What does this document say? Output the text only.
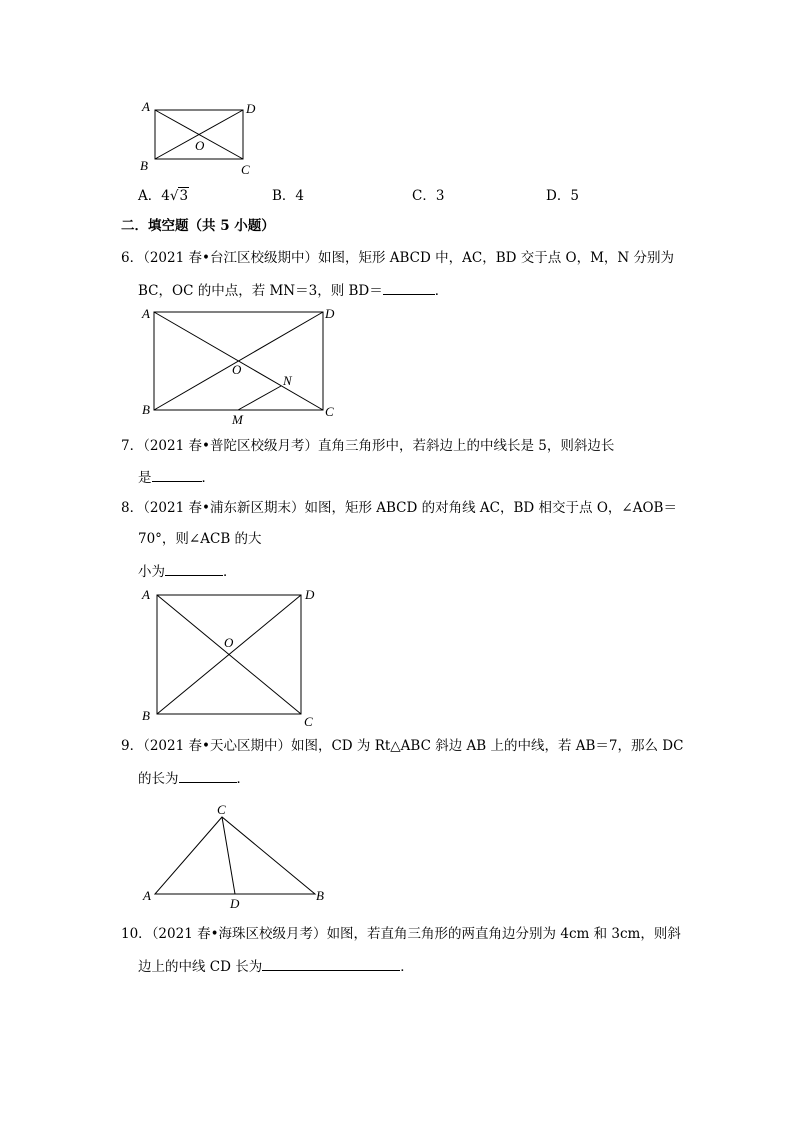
A	D
O
B	C
A．4√3	B．4	C．3	D．5
二．填空题（共 5 小题）
6．（2021 春•台江区校级期中）如图，矩形 ABCD 中，AC，BD 交于点 O，M，N 分别为
BC，OC 的中点，若 MN＝3，则 BD＝	．
A	D
O
N
B
M
C
7．（2021 春•普陀区校级月考）直角三角形中，若斜边上的中线长是 5，则斜边长
是	．
8．（2021 春•浦东新区期末）如图，矩形 ABCD 的对角线 AC，BD 相交于点 O，∠AOB＝
70°，则∠ACB 的大
小为	．
A	D
O
B	C
9．（2021 春•天心区期中）如图，CD 为 Rt△ABC 斜边 AB 上的中线，若 AB＝7，那么 DC
的长为	．
C
A	B
D
10．（2021 春•海珠区校级月考）如图，若直角三角形的两直角边分别为 4cm 和 3cm，则斜
边上的中线 CD 长为	．
